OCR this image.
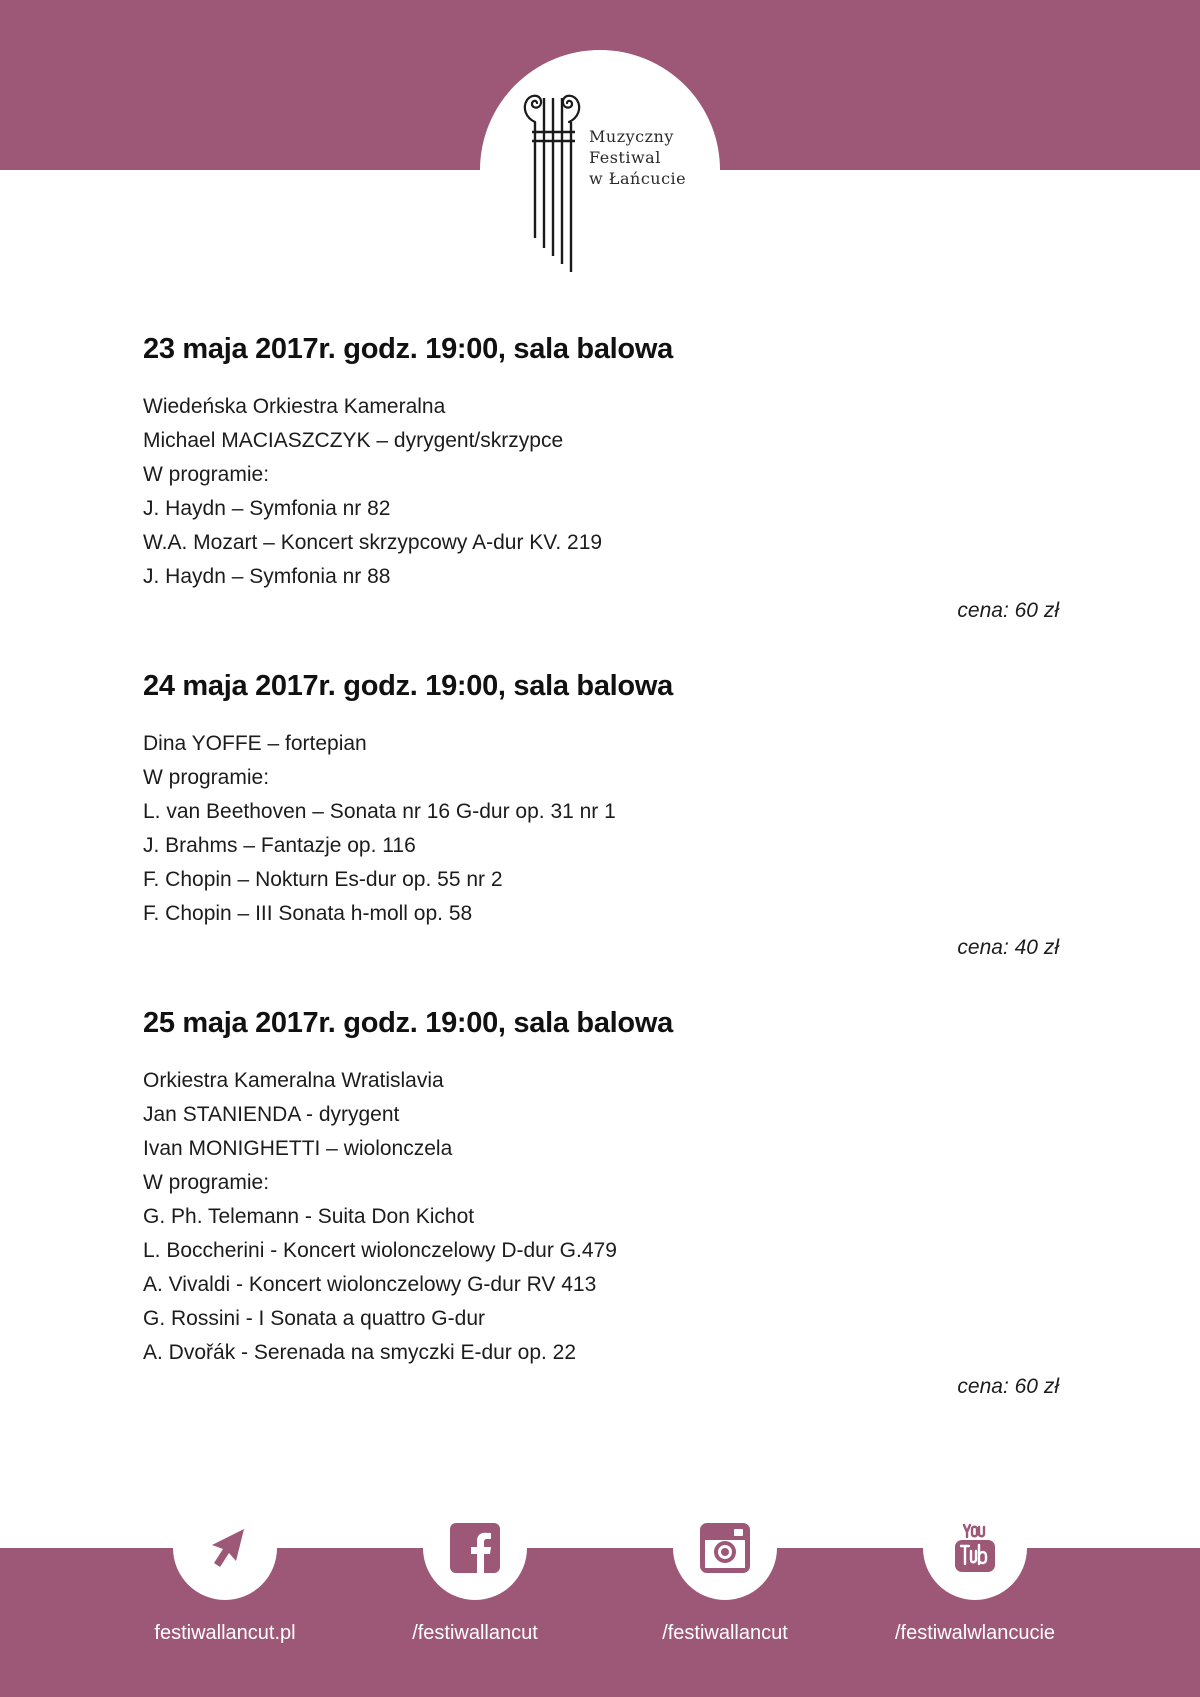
Muzyczny
Festiwal
w Łańcucie
23 maja 2017r. godz. 19:00, sala balowa
Wiedeńska Orkiestra Kameralna
Michael MACIASZCZYK – dyrygent/skrzypce
W programie:
J. Haydn – Symfonia nr 82
W.A. Mozart – Koncert skrzypcowy A-dur KV. 219
J. Haydn – Symfonia nr 88
cena: 60 zł
24 maja 2017r. godz. 19:00, sala balowa
Dina YOFFE – fortepian
W programie:
L. van Beethoven – Sonata nr 16 G-dur op. 31 nr 1
J. Brahms – Fantazje op. 116
F. Chopin – Nokturn Es-dur op. 55 nr 2
F. Chopin – III Sonata h-moll op. 58
cena: 40 zł
25 maja 2017r. godz. 19:00, sala balowa
Orkiestra Kameralna Wratislavia
Jan STANIENDA - dyrygent
Ivan MONIGHETTI – wiolonczela
W programie:
G. Ph. Telemann - Suita Don Kichot
L. Boccherini - Koncert wiolonczelowy D-dur G.479
A. Vivaldi - Koncert wiolonczelowy G-dur RV 413
G. Rossini - I Sonata a quattro G-dur
A. Dvořák - Serenada na smyczki E-dur op. 22
cena: 60 zł
festiwallancut.pl	/festiwallancut	/festiwallancut	/festiwalwlancucie
